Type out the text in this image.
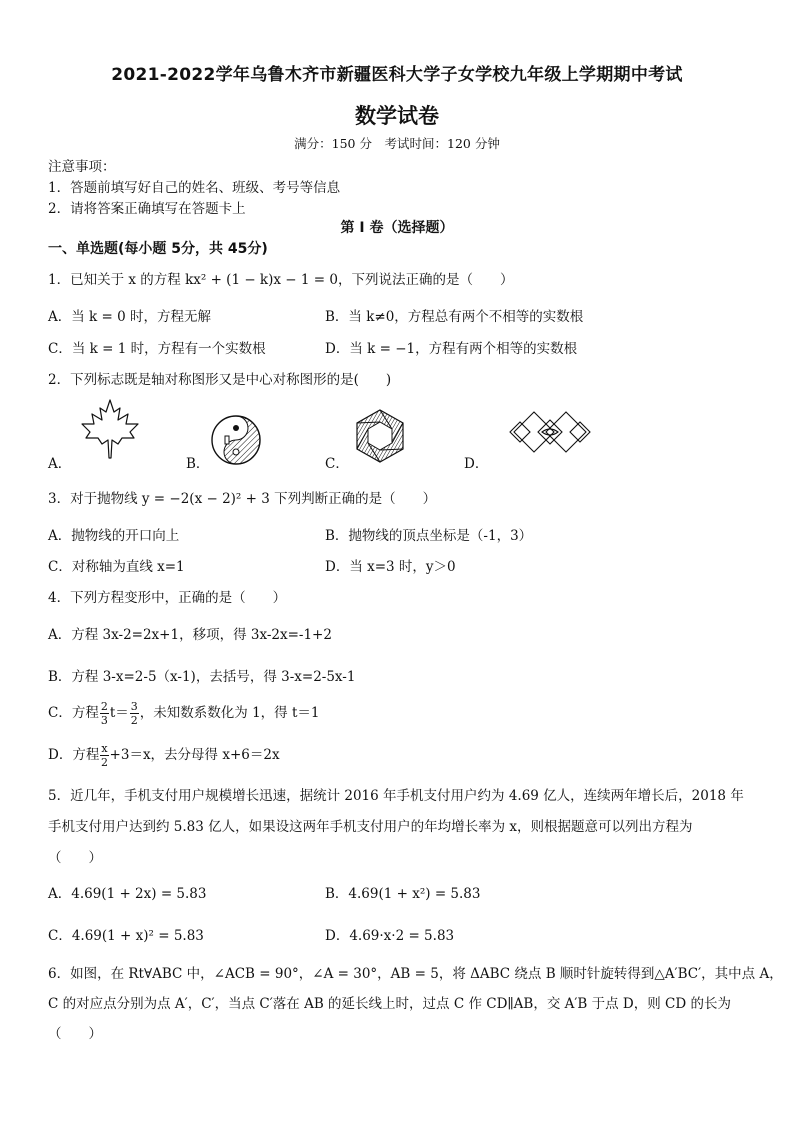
2021-2022学年乌鲁木齐市新疆医科大学子女学校九年级上学期期中考试
数学试卷
满分：150 分　考试时间：120 分钟
注意事项：
1．答题前填写好自己的姓名、班级、考号等信息
2．请将答案正确填写在答题卡上
第 I 卷（选择题）
一、单选题(每小题 5分，共 45分)
1．已知关于 x 的方程 kx² + (1 − k)x − 1 = 0，下列说法正确的是（　　）
A．当 k = 0 时，方程无解	B．当 k≠0，方程总有两个不相等的实数根
C．当 k = 1 时，方程有一个实数根	D．当 k = −1，方程有两个相等的实数根
2．下列标志既是轴对称图形又是中心对称图形的是(　　)
A．	B．	C．	D．
3．对于抛物线 y = −2(x − 2)² + 3 下列判断正确的是（　　）
A．抛物线的开口向上	B．抛物线的顶点坐标是（-1，3）
C．对称轴为直线 x=1	D．当 x=3 时，y＞0
4．下列方程变形中，正确的是（　　）
A．方程 3x-2=2x+1，移项，得 3x-2x=-1+2
B．方程 3-x=2-5（x-1)，去括号，得 3-x=2-5x-1
C．方程 $\frac{2}{3} t= \frac{3}{2}$ ，未知数系数化为 1，得 t＝1
D．方程 $\frac{x}{2} +3=x$，去分母得 x+6＝2x
5．近几年，手机支付用户规模增长迅速，据统计 2016 年手机支付用户约为 4.69 亿人，连续两年增长后，2018 年
手机支付用户达到约 5.83 亿人，如果设这两年手机支付用户的年均增长率为 x，则根据题意可以列出方程为
（　　）
A．4.69(1 + 2x) = 5.83	B．4.69(1 + x²) = 5.83
C．4.69(1 + x)² = 5.83	D．4.69·x·2 = 5.83
6．如图，在 Rt∀ABC 中，∠ACB = 90°，∠A = 30°，AB = 5，将 ΔABC 绕点 B 顺时针旋转得到△A′BC′，其中点 A，
C 的对应点分别为点 A′，C′，当点 C′落在 AB 的延长线上时，过点 C 作 CD∥AB，交 A′B 于点 D，则 CD 的长为
（　　）
